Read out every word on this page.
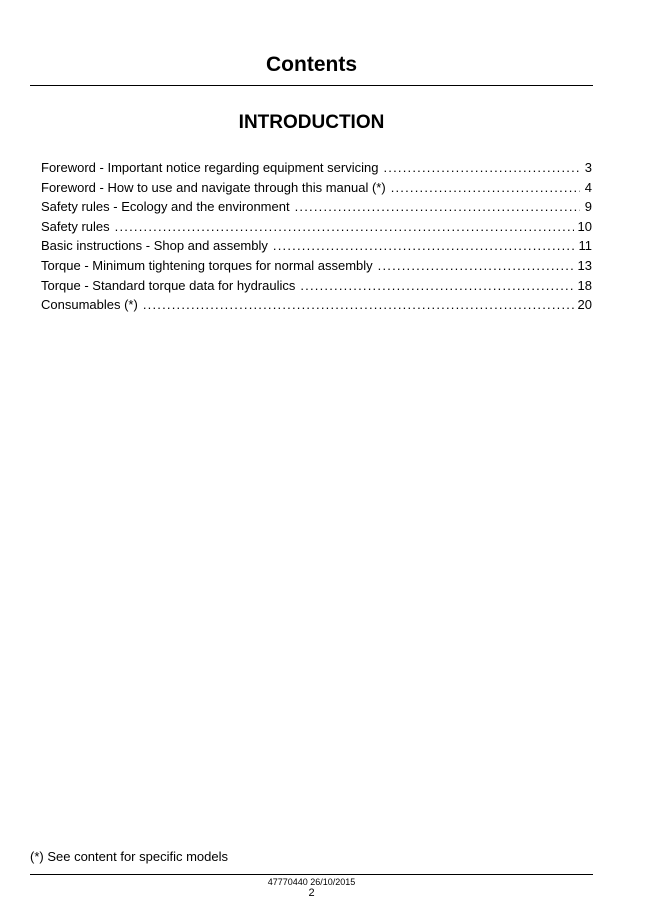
Contents
INTRODUCTION
Foreword - Important notice regarding equipment servicing .....	3
Foreword - How to use and navigate through this manual (*) .....	4
Safety rules - Ecology and the environment .....	9
Safety rules .....	10
Basic instructions - Shop and assembly .....	11
Torque - Minimum tightening torques for normal assembly .....	13
Torque - Standard torque data for hydraulics .....	18
Consumables (*) .....	20
(*) See content for specific models
47770440 26/10/2015
2
